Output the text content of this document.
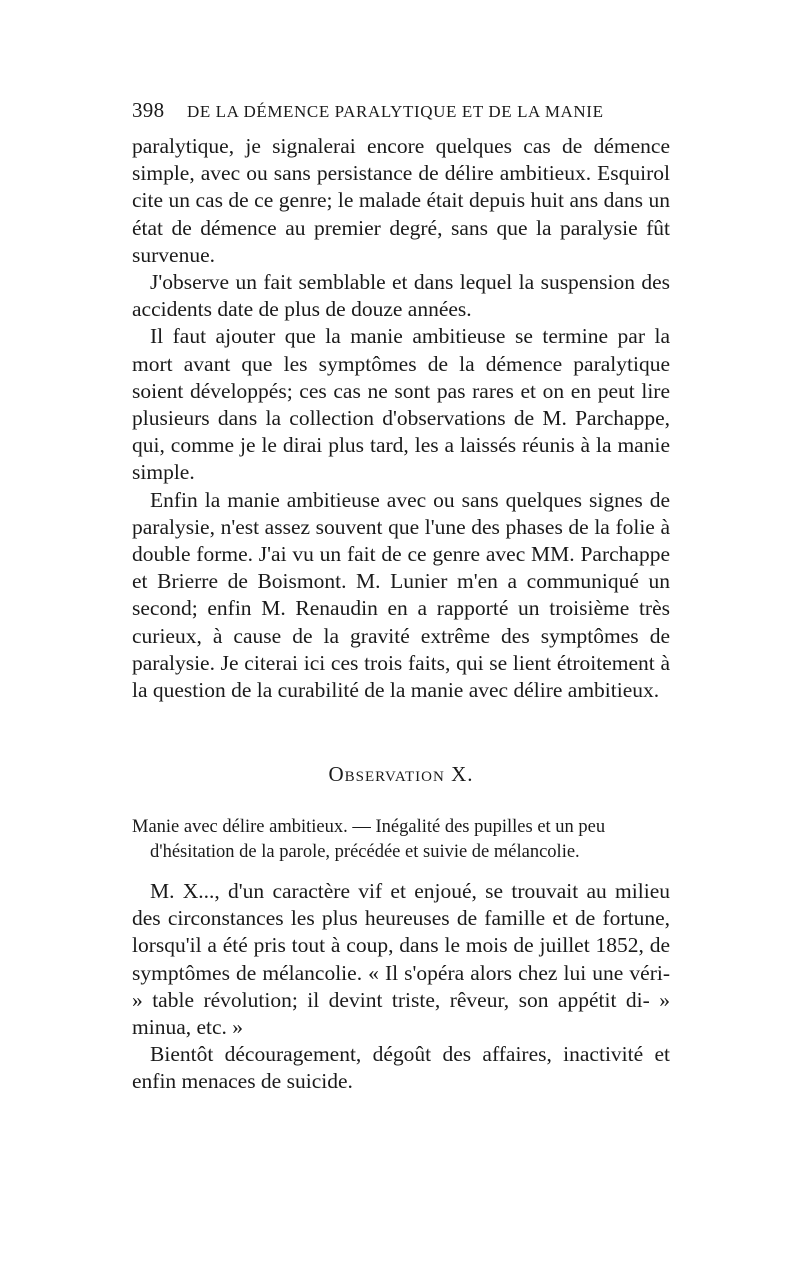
398 DE LA DÉMENCE PARALYTIQUE ET DE LA MANIE

paralytique, je signalerai encore quelques cas de démence simple, avec ou sans persistance de délire ambitieux. Esquirol cite un cas de ce genre; le malade était depuis huit ans dans un état de démence au premier degré, sans que la paralysie fût survenue.

J'observe un fait semblable et dans lequel la suspension des accidents date de plus de douze années.

Il faut ajouter que la manie ambitieuse se termine par la mort avant que les symptômes de la démence paralytique soient développés; ces cas ne sont pas rares et on en peut lire plusieurs dans la collection d'observations de M. Parchappe, qui, comme je le dirai plus tard, les a laissés réunis à la manie simple.

Enfin la manie ambitieuse avec ou sans quelques signes de paralysie, n'est assez souvent que l'une des phases de la folie à double forme. J'ai vu un fait de ce genre avec MM. Parchappe et Brierre de Boismont. M. Lunier m'en a communiqué un second; enfin M. Renaudin en a rapporté un troisième très curieux, à cause de la gravité extrême des symptômes de paralysie. Je citerai ici ces trois faits, qui se lient étroitement à la question de la curabilité de la manie avec délire ambitieux.

Observation X.
Manie avec délire ambitieux. — Inégalité des pupilles et un peu
d'hésitation de la parole, précédée et suivie de mélancolie.

M. X..., d'un caractère vif et enjoué, se trouvait au milieu des circonstances les plus heureuses de famille et de fortune, lorsqu'il a été pris tout à coup, dans le mois de juillet 1852, de symptômes de mélancolie. « Il s'opéra alors chez lui une véri- » table révolution; il devint triste, rêveur, son appétit di- » minua, etc. »

Bientôt découragement, dégoût des affaires, inactivité et enfin menaces de suicide.
